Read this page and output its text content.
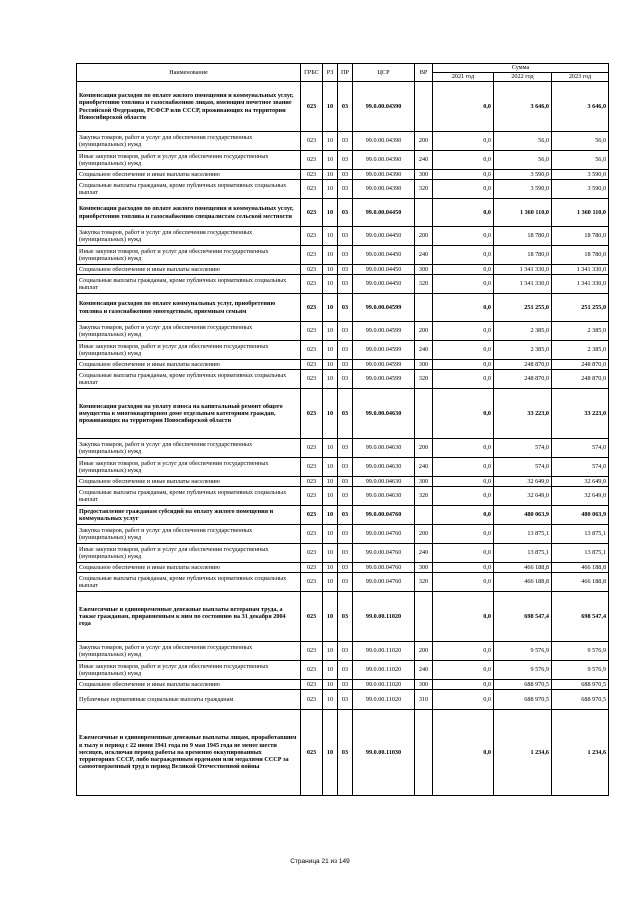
Наименование	ГРБС	РЗ	ПР	ЦСР	ВР	Сумма		
						2021 год	2022 год	2023 год
Компенсация расходов по оплате жилого помещения и коммунальных услуг, приобретению топлива и газоснабжению лицам, имеющим почетное звание Российской Федерации, РСФСР или СССР, проживающих на территории Новосибирской области	023	10	03	99.0.00.04390		0,0	3 646,0	3 646,0
Закупка товаров, работ и услуг для обеспечения государственных (муниципальных) нужд	023	10	03	99.0.00.04390	200	0,0	56,0	56,0
Иные закупки товаров, работ и услуг для обеспечения государственных (муниципальных) нужд	023	10	03	99.0.00.04390	240	0,0	56,0	56,0
Социальное обеспечение и иные выплаты населению	023	10	03	99.0.00.04390	300	0,0	3 590,0	3 590,0
Социальные выплаты гражданам, кроме публичных нормативных социальных выплат	023	10	03	99.0.00.04390	320	0,0	3 590,0	3 590,0
Компенсация расходов по оплате жилого помещения и коммунальных услуг, приобретению топлива и газоснабжению специалистам сельской местности	023	10	03	99.0.00.04450		0,0	1 360 110,0	1 360 110,0
Закупка товаров, работ и услуг для обеспечения государственных (муниципальных) нужд	023	10	03	99.0.00.04450	200	0,0	18 780,0	18 780,0
Иные закупки товаров, работ и услуг для обеспечения государственных (муниципальных) нужд	023	10	03	99.0.00.04450	240	0,0	18 780,0	18 780,0
Социальное обеспечение и иные выплаты населению	023	10	03	99.0.00.04450	300	0,0	1 341 330,0	1 341 330,0
Социальные выплаты гражданам, кроме публичных нормативных социальных выплат	023	10	03	99.0.00.04450	320	0,0	1 341 330,0	1 341 330,0
Компенсация расходов по оплате коммунальных услуг, приобретению топлива и газоснабжению многодетным, приемным семьям	023	10	03	99.0.00.04599		0,0	251 255,0	251 255,0
Закупка товаров, работ и услуг для обеспечения государственных (муниципальных) нужд	023	10	03	99.0.00.04599	200	0,0	2 385,0	2 385,0
Иные закупки товаров, работ и услуг для обеспечения государственных (муниципальных) нужд	023	10	03	99.0.00.04599	240	0,0	2 385,0	2 385,0
Социальное обеспечение и иные выплаты населению	023	10	03	99.0.00.04599	300	0,0	248 870,0	248 870,0
Социальные выплаты гражданам, кроме публичных нормативных социальных выплат	023	10	03	99.0.00.04599	320	0,0	248 870,0	248 870,0
Компенсация расходов на уплату взноса на капитальный ремонт общего имущества в многоквартирном доме отдельным категориям граждан, проживающих на территории Новосибирской области	023	10	03	99.0.00.04630		0,0	33 223,0	33 223,0
Закупка товаров, работ и услуг для обеспечения государственных (муниципальных) нужд	023	10	03	99.0.00.04630	200	0,0	574,0	574,0
Иные закупки товаров, работ и услуг для обеспечения государственных (муниципальных) нужд	023	10	03	99.0.00.04630	240	0,0	574,0	574,0
Социальное обеспечение и иные выплаты населению	023	10	03	99.0.00.04630	300	0,0	32 649,0	32 649,0
Социальные выплаты гражданам, кроме публичных нормативных социальных выплат	023	10	03	99.0.00.04630	320	0,0	32 649,0	32 649,0
Предоставление гражданам субсидий на оплату жилого помещения и коммунальных услуг	023	10	03	99.0.00.04760		0,0	480 063,9	480 063,9
Закупка товаров, работ и услуг для обеспечения государственных (муниципальных) нужд	023	10	03	99.0.00.04760	200	0,0	13 875,1	13 875,1
Иные закупки товаров, работ и услуг для обеспечения государственных (муниципальных) нужд	023	10	03	99.0.00.04760	240	0,0	13 875,1	13 875,1
Социальное обеспечение и иные выплаты населению	023	10	03	99.0.00.04760	300	0,0	466 188,8	466 188,8
Социальные выплаты гражданам, кроме публичных нормативных социальных выплат	023	10	03	99.0.00.04760	320	0,0	466 188,8	466 188,8
Ежемесячные и единовременные денежные выплаты ветеранам труда, а также гражданам, приравненным к ним по состоянию на 31 декабря 2004 года	023	10	03	99.0.00.11020		0,0	698 547,4	698 547,4
Закупка товаров, работ и услуг для обеспечения государственных (муниципальных) нужд	023	10	03	99.0.00.11020	200	0,0	9 576,9	9 576,9
Иные закупки товаров, работ и услуг для обеспечения государственных (муниципальных) нужд	023	10	03	99.0.00.11020	240	0,0	9 576,9	9 576,9
Социальное обеспечение и иные выплаты населению	023	10	03	99.0.00.11020	300	0,0	688 970,5	688 970,5
Публичные нормативные социальные выплаты гражданам	023	10	03	99.0.00.11020	310	0,0	688 970,5	688 970,5
Ежемесячные и единовременные денежные выплаты лицам, проработавшим в тылу в период с 22 июня 1941 года по 9 мая 1945 года не менее шести месяцев, исключая период работы на временно оккупированных территориях СССР, либо награжденным орденами или медалями СССР за самоотверженный труд в период Великой Отечественной войны	023	10	03	99.0.00.11030		0,0	1 234,6	1 234,6
Страница 21 из 149
